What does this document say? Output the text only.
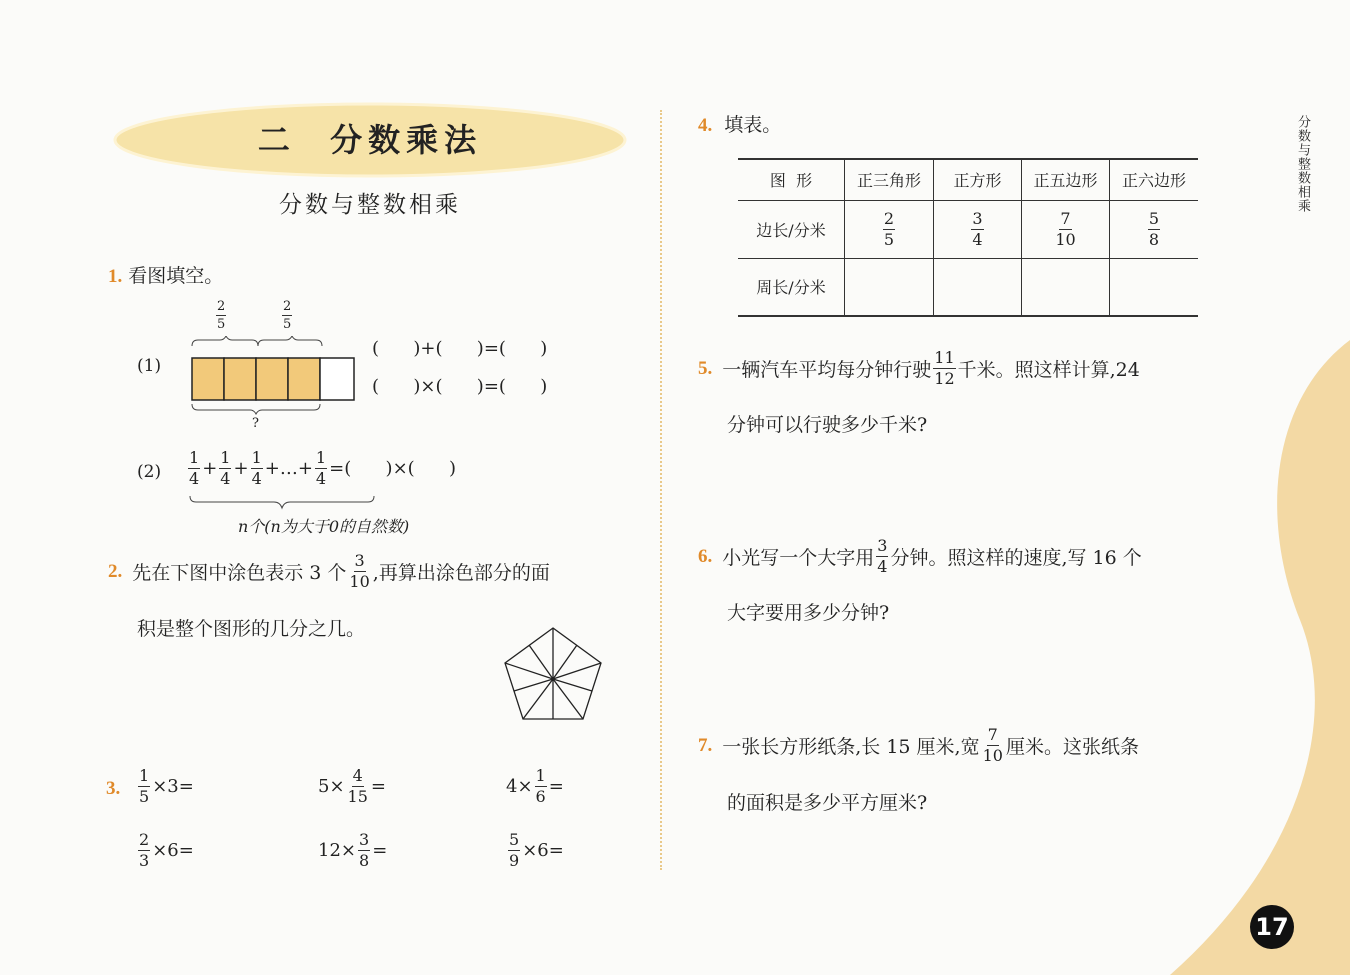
17
分数与整数相乘
二  分数乘法
分数与整数相乘
1. 看图填空。
(1)
$\frac{2}{5}$	$\frac{2}{5}$
?
(      )+(      )=(      )
(      )×(      )=(      )
$(2) \frac{1}{4} + \frac{1}{4} + \frac{1}{4}$ +…+ $\frac{1}{4}$ =(      )×(      )
n个(n为大于0的自然数)
2. 先在下图中涂色表示 3 个 $\frac{3}{10}$ ,再算出涂色部分的面
积是整个图形的几分之几。
3. $\frac{1}{5} \times 3=$	$5\times \frac{4}{15}$ =	$4\times \frac{1}{6}$ =
$\frac{2}{3} \times 6=$	$12\times \frac{3}{8}$ =	$\frac{5}{9} \times 6=$
4. 填表。
图  形	正三角形	正方形	正五边形	正六边形
边长/分米	$\frac{2}{5}$	$\frac{3}{4}$	$\frac{7}{10}$	$\frac{5}{8}$

周长/分米				
5. 一辆汽车平均每分钟行驶 $\frac{11}{12}$ 千米。照这样计算,24
分钟可以行驶多少千米?
6. 小光写一个大字用 $\frac{3}{4}$ 分钟。照这样的速度,写 16 个
大字要用多少分钟?
7. 一张长方形纸条,长 15 厘米,宽 $\frac{7}{10}$ 厘米。这张纸条
的面积是多少平方厘米?
